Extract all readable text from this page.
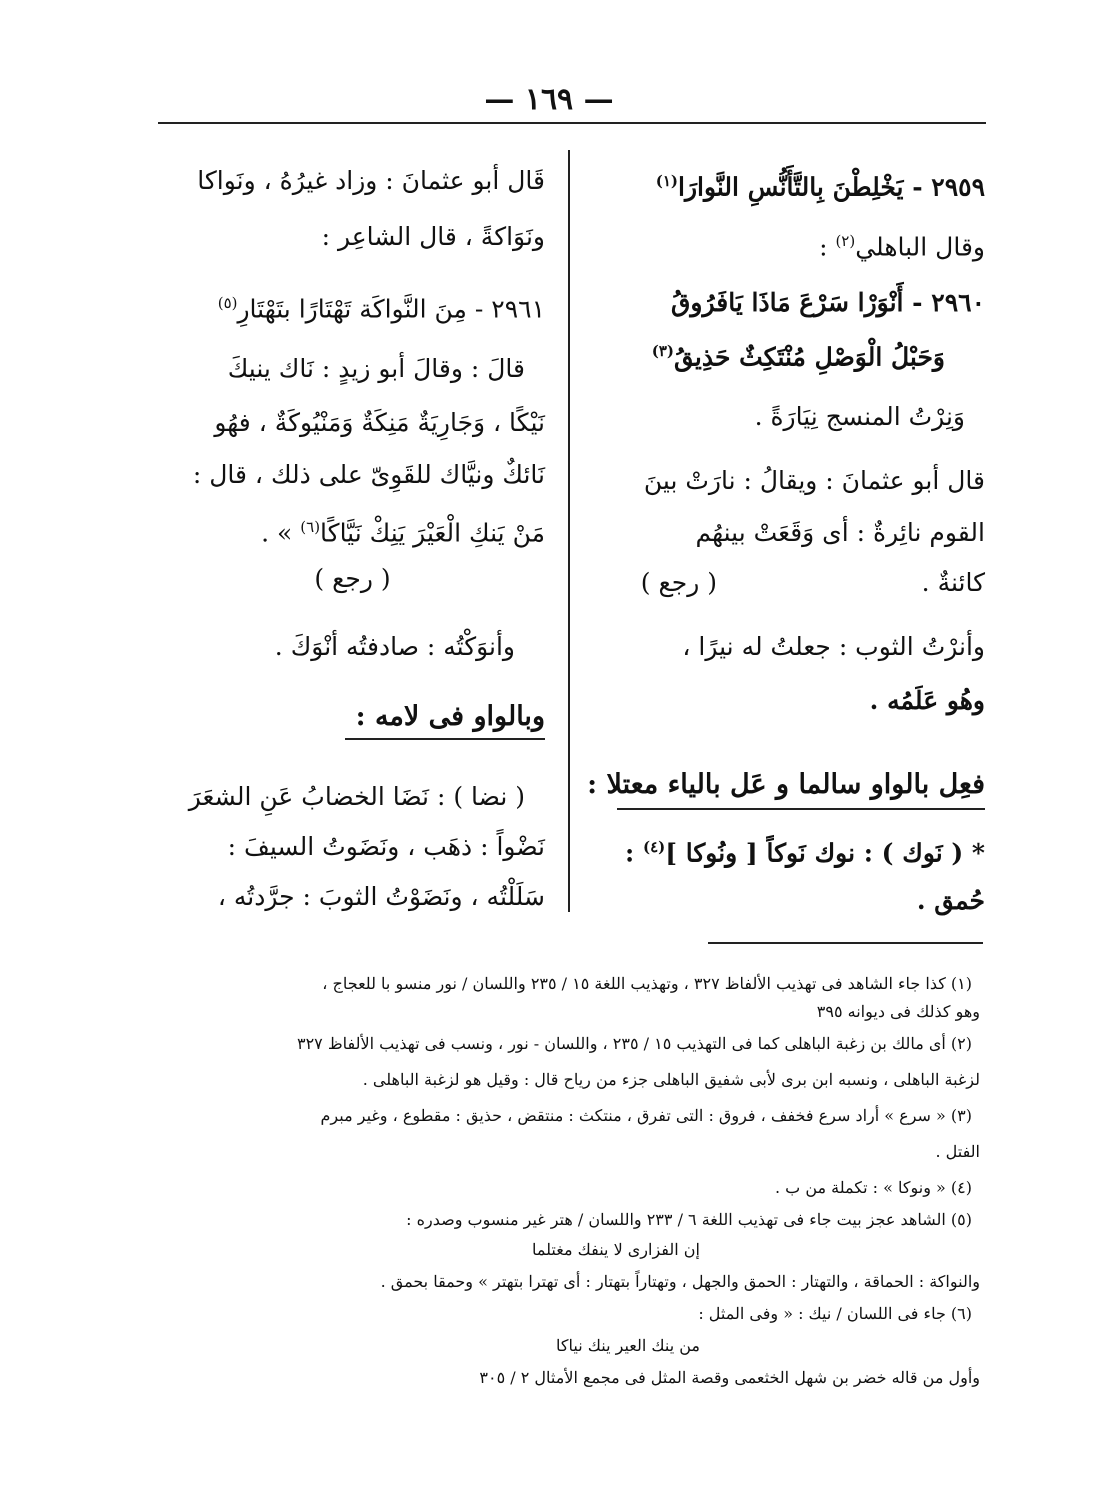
— ١٦٩ —
٢٩٥٩ - يَخْلِطْنَ بِالتَّأَنُّسِ النَّوارَا$^{(١)}$
وقال الباهلي$^{(٢)}$ :
٢٩٦٠ - أَنْوَرْا سَرْعَ مَاذَا يَافَرُوقُ
وَحَبْلُ الْوَصْلِ مُنْتَكِثٌ حَذِيقُ$^{(٣)}$
وَنِرْتُ المنسج نِيَارَةً .
قال أبو عثمانَ : ويقالُ : نارَتْ بينَ
القوم نائِرةٌ : أى وَقَعَتْ بينهُم
كائنةٌ .
( رجع )
وأنرْتُ الثوب : جعلتُ له نيرًا ،
وهُو عَلَمُه .
فعِل بالواو سالما و عَل بالياء معتلا :
* ( نَوك ) : نوك نَوكاً [ ونُوكا ]$^{(٤)}$ :
حُمق .
قَال أبو عثمانَ : وزاد غيرُهُ ، ونَواكا
ونَوَاكةً ، قال الشاعِر :
٢٩٦١ - مِنَ النَّواكَة تَهْتَارًا بتَهْتَارِ$^{(٥)}$
قالَ : وقالَ أبو زيدٍ : نَاك ينيكَ
نَيْكًا ، وَجَارِيَةٌ مَنِكَةٌ وَمَنْيُوكَةٌ ، فهُو
نَائكٌ ونيَّاك للقَوِىّ على ذلك ، قال :
مَنْ يَنكِ الْعَيْرَ يَنِكْ نَيَّاكًا$^{(٦)}$ » .
( رجع )
وأنوَكْتُه : صادفتُه أنْوَكَ .
وبالواو فى لامه :
( نضا ) : نَضَا الخضابُ عَنِ الشعَرَ
نَضْواً : ذهَب ، ونَضَوتُ السيفَ :
سَلَلْتُه ، ونَضَوْتُ الثوبَ : جرَّدتُه ،
(١) كذا جاء الشاهد فى تهذيب الألفاظ ٣٢٧ ، وتهذيب اللغة ١٥ / ٢٣٥ واللسان / نور منسو با للعجاج ،
وهو كذلك فى ديوانه ٣٩٥
(٢) أى مالك بن زغبة الباهلى كما فى التهذيب ١٥ / ٢٣٥ ، واللسان - نور ، ونسب فى تهذيب الألفاظ ٣٢٧
لزغبة الباهلى ، ونسبه ابن برى لأبى شفيق الباهلى جزء من رياح قال : وقيل هو لزغبة الباهلى .
(٣) « سرع » أراد سرع فخفف ، فروق : التى تفرق ، منتكث : منتقض ، حذيق : مقطوع ، وغير مبرم
الفتل .
(٤) « ونوكا » : تكملة من ب .
(٥) الشاهد عجز بيت جاء فى تهذيب اللغة ٦ / ٢٣٣ واللسان / هتر غير منسوب وصدره :
إن الفزارى لا ينفك مغتلما
والنواكة : الحماقة ، والتهتار : الحمق والجهل ، وتهتاراً بتهتار : أى تهترا بتهتر » وحمقا بحمق .
(٦) جاء فى اللسان / نيك : « وفى المثل :
من ينك العير ينك نياكا
وأول من قاله خضر بن شهل الخثعمى وقصة المثل فى مجمع الأمثال ٢ / ٣٠٥
